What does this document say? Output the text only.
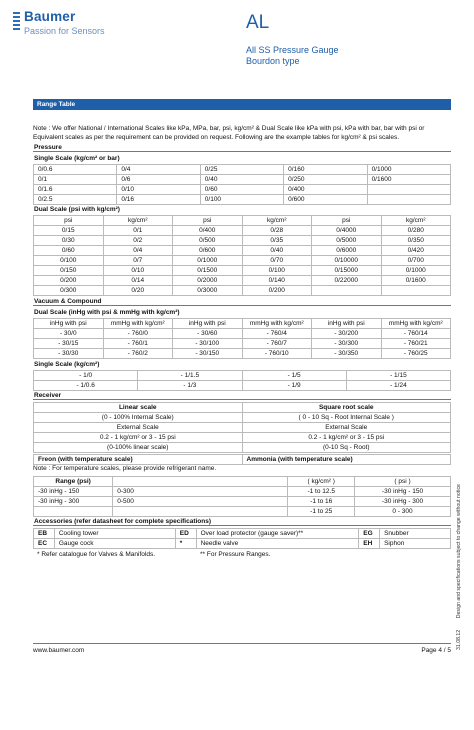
Baumer
Passion for Sensors	AL
All SS Pressure Gauge
Bourdon type
Range Table
Note : We offer National / International Scales like kPa, MPa, bar, psi, kg/cm² & Dual Scale like kPa with psi, kPa with bar, bar with psi or Equivalent scales as per the requirement can be provided on request. Following are the example tables for kg/cm² & psi scales.
Pressure
Single Scale (kg/cm² or bar)
0/0.6	0/4	0/25	0/160	0/1000
0/1	0/6	0/40	0/250	0/1600
0/1.6	0/10	0/60	0/400	
0/2.5	0/16	0/100	0/600	
Dual Scale (psi with kg/cm²)
psi	kg/cm²	psi	kg/cm²	psi	kg/cm²
0/15	0/1	0/400	0/28	0/4000	0/280
0/30	0/2	0/500	0/35	0/5000	0/350
0/60	0/4	0/600	0/40	0/6000	0/420
0/100	0/7	0/1000	0/70	0/10000	0/700
0/150	0/10	0/1500	0/100	0/15000	0/1000
0/200	0/14	0/2000	0/140	0/22000	0/1600
0/300	0/20	0/3000	0/200		
Vacuum & Compound
Dual Scale (inHg with psi & mmHg with kg/cm²)
inHg with psi	mmHg with kg/cm²	inHg with psi	mmHg with kg/cm²	inHg with psi	mmHg with kg/cm²
- 30/0	- 760/0	- 30/60	- 760/4	- 30/200	- 760/14
- 30/15	- 760/1	- 30/100	- 760/7	- 30/300	- 760/21
- 30/30	- 760/2	- 30/150	- 760/10	- 30/350	- 760/25
Single Scale (kg/cm²)
- 1/0	- 1/1.5	- 1/5	- 1/15
- 1/0.6	- 1/3	- 1/9	- 1/24
Receiver
Linear scale	Square root scale
(0 - 100% Internal Scale)	( 0 - 10 Sq - Root Internal Scale )
External Scale	External Scale
0.2 - 1 kg/cm² or 3 - 15 psi	0.2 - 1 kg/cm² or 3 - 15 psi
(0-100% linear scale)	(0-10 Sq - Root)
Freon (with temperature scale)	Ammonia (with temperature scale)
Note : For temperature scales, please provide refrigerant name.
Range (psi)		( kg/cm² )	( psi )
-30 inHg - 150	0-300	-1 to 12.5	-30 inHg - 150
-30 inHg - 300	0-500	-1 to 16	-30 inHg - 300
		-1 to 25	0 - 300
Accessories (refer datasheet for complete specifications)
EB	Cooling tower	ED	Over load protector (gauge saver)**	EG	Snubber
EC	Gauge cock	*	Needle valve	EH	Siphon
* Refer catalogue for Valves & Manifolds.	** For Pressure Ranges.
www.baumer.com	Page 4 / 5
31.08.12        Design and specifications subject to change without notice
